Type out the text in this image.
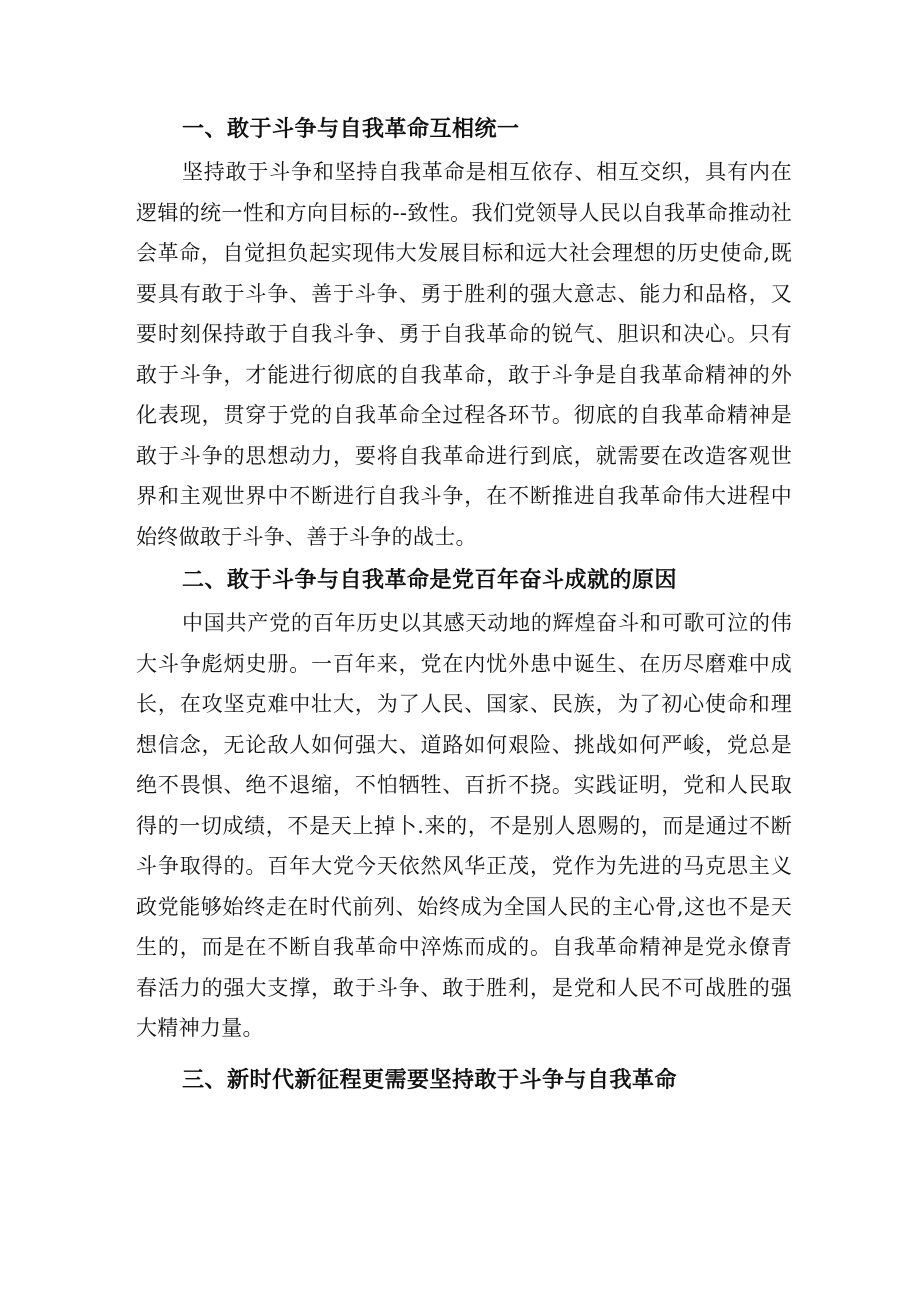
一、敢于斗争与自我革命互相统一

坚持敢于斗争和坚持自我革命是相互依存、相互交织，具有内在逻辑的统一性和方向目标的--致性。我们党领导人民以自我革命推动社会革命，自觉担负起实现伟大发展目标和远大社会理想的历史使命,既要具有敢于斗争、善于斗争、勇于胜利的强大意志、能力和品格，又要时刻保持敢于自我斗争、勇于自我革命的锐气、胆识和决心。只有敢于斗争，才能进行彻底的自我革命，敢于斗争是自我革命精神的外化表现，贯穿于党的自我革命全过程各环节。彻底的自我革命精神是敢于斗争的思想动力，要将自我革命进行到底，就需要在改造客观世界和主观世界中不断进行自我斗争，在不断推进自我革命伟大进程中始终做敢于斗争、善于斗争的战士。

二、敢于斗争与自我革命是党百年奋斗成就的原因

中国共产党的百年历史以其感天动地的辉煌奋斗和可歌可泣的伟大斗争彪炳史册。一百年来，党在内忧外患中诞生、在历尽磨难中成长，在攻坚克难中壮大，为了人民、国家、民族，为了初心使命和理想信念，无论敌人如何强大、道路如何艰险、挑战如何严峻，党总是绝不畏惧、绝不退缩，不怕牺牲、百折不挠。实践证明，党和人民取得的一切成绩，不是天上掉卜.来的，不是别人恩赐的，而是通过不断斗争取得的。百年大党今天依然风华正茂，党作为先进的马克思主义政党能够始终走在时代前列、始终成为全国人民的主心骨,这也不是天生的，而是在不断自我革命中淬炼而成的。自我革命精神是党永僚青春活力的强大支撑，敢于斗争、敢于胜利，是党和人民不可战胜的强大精神力量。

三、新时代新征程更需要坚持敢于斗争与自我革命
